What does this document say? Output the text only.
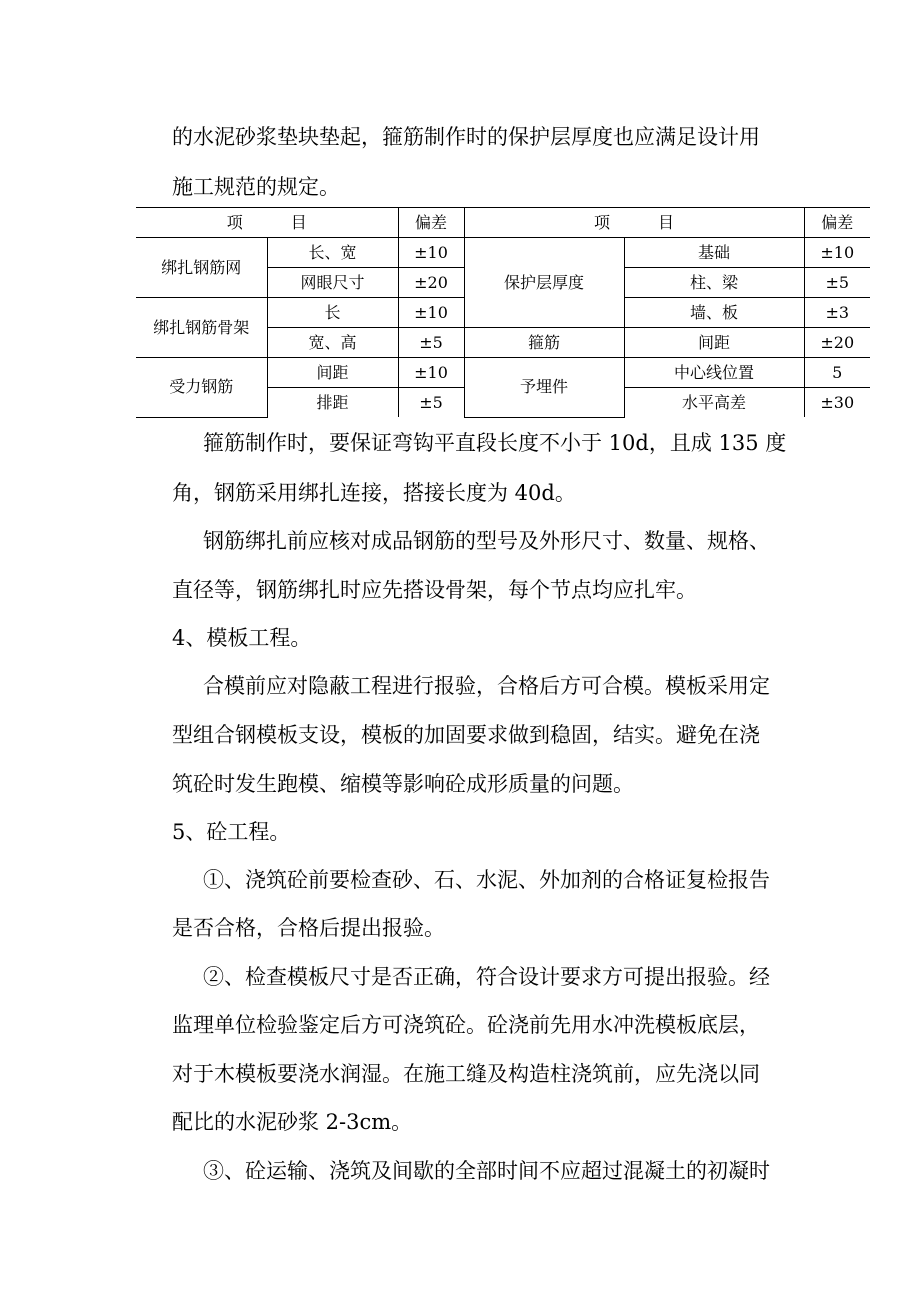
的水泥砂浆垫块垫起，箍筋制作时的保护层厚度也应满足设计用
施工规范的规定。
项 目		偏差	项 目		偏差
绑扎钢筋网	长、宽	±10	保护层厚度	基础	±10
	网眼尺寸	±20		柱、梁	±5
绑扎钢筋骨架	长	±10		墙、板	±3
	宽、高	±5	箍筋	间距	±20
受力钢筋	间距	±10	予埋件	中心线位置	5
	排距	±5		水平高差	±30
箍筋制作时，要保证弯钩平直段长度不小于 10d，且成 135 度
角，钢筋采用绑扎连接，搭接长度为 40d。
钢筋绑扎前应核对成品钢筋的型号及外形尺寸、数量、规格、
直径等，钢筋绑扎时应先搭设骨架，每个节点均应扎牢。
4、模板工程。
合模前应对隐蔽工程进行报验，合格后方可合模。模板采用定
型组合钢模板支设，模板的加固要求做到稳固，结实。避免在浇
筑砼时发生跑模、缩模等影响砼成形质量的问题。
5、砼工程。
①、浇筑砼前要检查砂、石、水泥、外加剂的合格证复检报告
是否合格，合格后提出报验。
②、检查模板尺寸是否正确，符合设计要求方可提出报验。经
监理单位检验鉴定后方可浇筑砼。砼浇前先用水冲洗模板底层，
对于木模板要浇水润湿。在施工缝及构造柱浇筑前，应先浇以同
配比的水泥砂浆 2-3cm。
③、砼运输、浇筑及间歇的全部时间不应超过混凝土的初凝时
